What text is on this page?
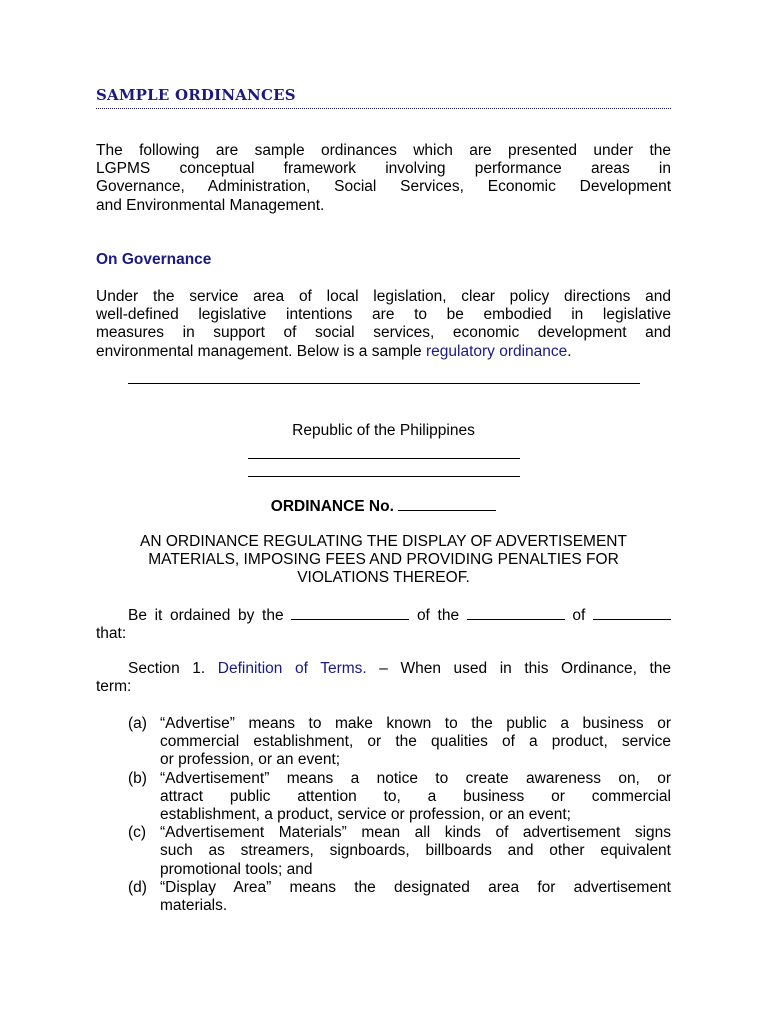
SAMPLE ORDINANCES
The following are sample ordinances which are presented under the
LGPMS conceptual framework involving performance areas in
Governance, Administration, Social Services, Economic Development
and Environmental Management.
On Governance
Under the service area of local legislation, clear policy directions and
well-defined legislative intentions are to be embodied in legislative
measures in support of social services, economic development and
environmental management. Below is a sample regulatory ordinance.
Republic of the Philippines
ORDINANCE No.
AN ORDINANCE REGULATING THE DISPLAY OF ADVERTISEMENT
MATERIALS, IMPOSING FEES AND PROVIDING PENALTIES FOR
VIOLATIONS THEREOF.
Be it ordained by the	of the	of
that:
Section 1. Definition of Terms. – When used in this Ordinance, the
term:
(a) “Advertise” means to make known to the public a business or
commercial establishment, or the qualities of a product, service
or profession, or an event;
(b) “Advertisement” means a notice to create awareness on, or
attract public attention to, a business or commercial
establishment, a product, service or profession, or an event;
(c) “Advertisement Materials” mean all kinds of advertisement signs
such as streamers, signboards, billboards and other equivalent
promotional tools; and
(d) “Display Area” means the designated area for advertisement
materials.
